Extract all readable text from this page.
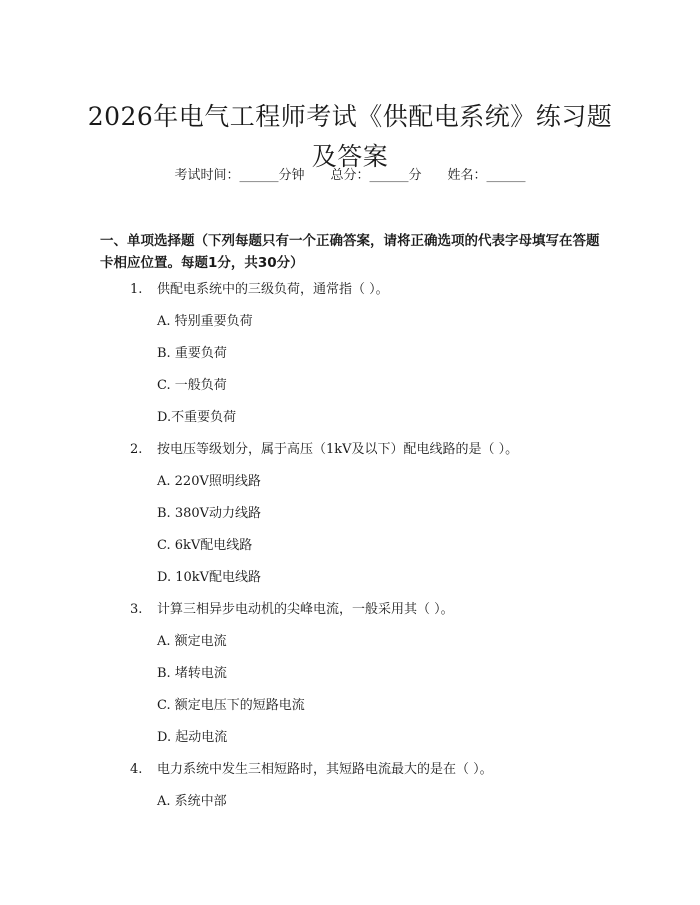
2026年电气工程师考试《供配电系统》练习题及答案
考试时间：______分钟 总分：______分 姓名：______
一、单项选择题（下列每题只有一个正确答案，请将正确选项的代表字母填写在答题卡相应位置。每题1分，共30分）
1. 供配电系统中的三级负荷，通常指（ ）。
A. 特别重要负荷
B. 重要负荷
C. 一般负荷
D.不重要负荷
2. 按电压等级划分，属于高压（1kV及以下）配电线路的是（ ）。
A. 220V照明线路
B. 380V动力线路
C. 6kV配电线路
D. 10kV配电线路
3. 计算三相异步电动机的尖峰电流，一般采用其（ ）。
A. 额定电流
B. 堵转电流
C. 额定电压下的短路电流
D. 起动电流
4. 电力系统中发生三相短路时，其短路电流最大的是在（ ）。
A. 系统中部
